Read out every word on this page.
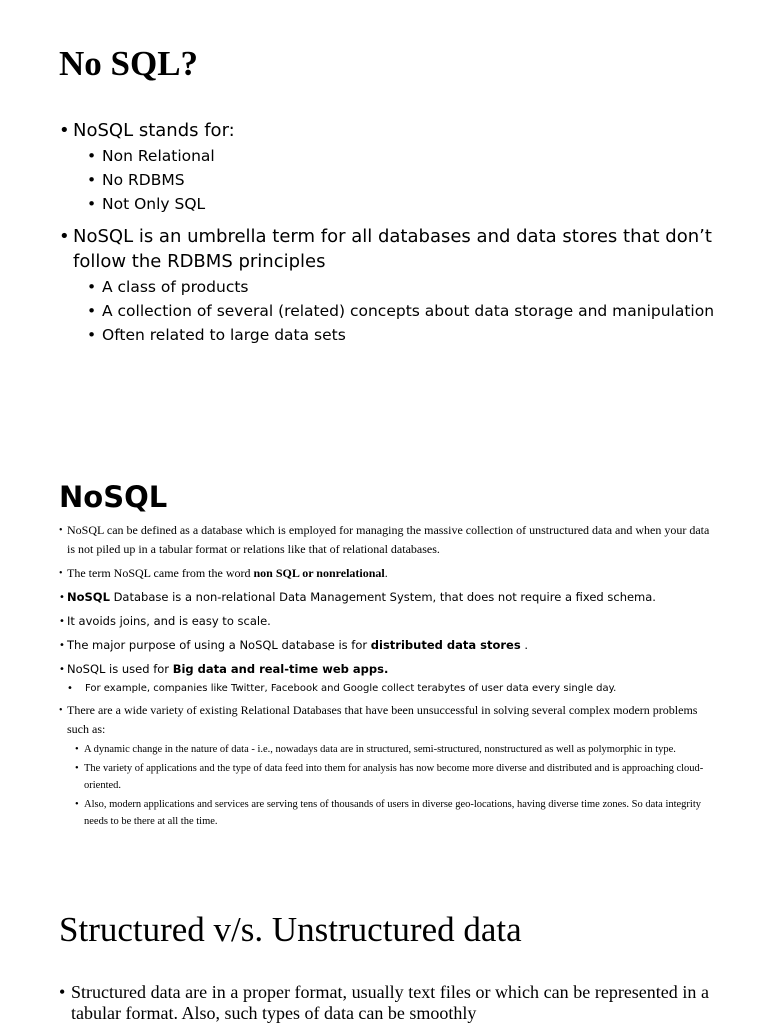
No SQL?
• NoSQL stands for:
• Non Relational
• No RDBMS
• Not Only SQL
• NoSQL is an umbrella term for all databases and data stores that don’t follow the RDBMS principles
• A class of products
• A collection of several (related) concepts about data storage and manipulation
• Often related to large data sets
NoSQL
• NoSQL can be defined as a database which is employed for managing the massive collection of unstructured data and when your data is not piled up in a tabular format or relations like that of relational databases.
• The term NoSQL came from the word non SQL or nonrelational.
• NoSQL Database is a non-relational Data Management System, that does not require a fixed schema.
• It avoids joins, and is easy to scale.
• The major purpose of using a NoSQL database is for distributed data stores .
• NoSQL is used for Big data and real-time web apps.
• For example, companies like Twitter, Facebook and Google collect terabytes of user data every single day.
• There are a wide variety of existing Relational Databases that have been unsuccessful in solving several complex modern problems such as:
• A dynamic change in the nature of data - i.e., nowadays data are in structured, semi-structured, nonstructured as well as polymorphic in type.
• The variety of applications and the type of data feed into them for analysis has now become more diverse and distributed and is approaching cloud-oriented.
• Also, modern applications and services are serving tens of thousands of users in diverse geo-locations, having diverse time zones. So data integrity needs to be there at all the time.
Structured v/s. Unstructured data
• Structured data are in a proper format, usually text files or which can be represented in a tabular format. Also, such types of data can be smoothly
